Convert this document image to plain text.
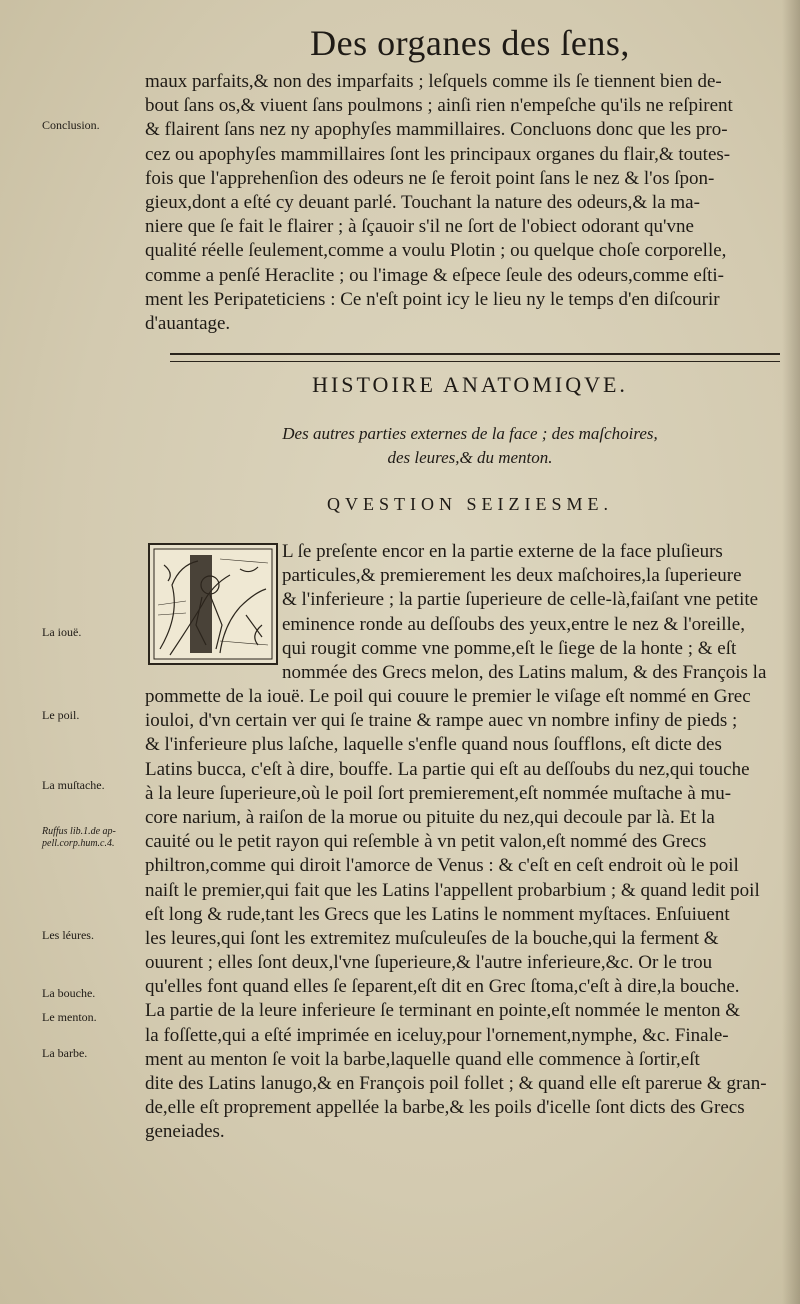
Des organes des ſens,
maux parfaits,& non des imparfaits ; leſquels comme ils ſe tiennent bien de-
bout ſans os,& viuent ſans poulmons ; ainſi rien n'empeſche qu'ils ne reſpirent
& flairent ſans nez ny apophyſes mammillaires. Concluons donc que les pro-
cez ou apophyſes mammillaires ſont les principaux organes du flair,& toutes-
fois que l'apprehenſion des odeurs ne ſe feroit point ſans le nez & l'os ſpon-
gieux,dont a eſté cy deuant parlé. Touchant la nature des odeurs,& la ma-
niere que ſe fait le flairer ; à ſçauoir s'il ne ſort de l'obiect odorant qu'vne
qualité réelle ſeulement,comme a voulu Plotin ; ou quelque choſe corporelle,
comme a penſé Heraclite ; ou l'image & eſpece ſeule des odeurs,comme eſti-
ment les Peripateticiens : Ce n'eſt point icy le lieu ny le temps d'en diſcourir
d'auantage.
Conclusion.
HISTOIRE ANATOMIQVE.
Des autres parties externes de la face ; des maſchoires,
des leures,& du menton.
QVESTION SEIZIESME.
L ſe preſente encor en la partie externe de la face pluſieurs
particules,& premierement les deux maſchoires,la ſuperieure
& l'inferieure ; la partie ſuperieure de celle-là,faiſant vne petite
eminence ronde au deſſoubs des yeux,entre le nez & l'oreille,
qui rougit comme vne pomme,eſt le ſiege de la honte ; & eſt
nommée des Grecs melon, des Latins malum, & des François la
pommette de la iouë. Le poil qui couure le premier le viſage eſt nommé en Grec
iouloi, d'vn certain ver qui ſe traine & rampe auec vn nombre infiny de pieds ;
& l'inferieure plus laſche, laquelle s'enfle quand nous ſoufflons, eſt dicte des
Latins bucca, c'eſt à dire, bouffe. La partie qui eſt au deſſoubs du nez,qui touche
à la leure ſuperieure,où le poil ſort premierement,eſt nommée muſtache à mu-
core narium, à raiſon de la morue ou pituite du nez,qui decoule par là. Et la
cauité ou le petit rayon qui reſemble à vn petit valon,eſt nommé des Grecs
philtron,comme qui diroit l'amorce de Venus : & c'eſt en ceſt endroit où le poil
naiſt le premier,qui fait que les Latins l'appellent probarbium ; & quand ledit poil
eſt long & rude,tant les Grecs que les Latins le nomment myſtaces. Enſuiuent
les leures,qui ſont les extremitez muſculeuſes de la bouche,qui la ferment &
ouurent ; elles ſont deux,l'vne ſuperieure,& l'autre inferieure,&c. Or le trou
qu'elles font quand elles ſe ſeparent,eſt dit en Grec ſtoma,c'eſt à dire,la bouche.
La partie de la leure inferieure ſe terminant en pointe,eſt nommée le menton &
la foſſette,qui a eſté imprimée en iceluy,pour l'ornement,nymphe, &c. Finale-
ment au menton ſe voit la barbe,laquelle quand elle commence à ſortir,eſt
dite des Latins lanugo,& en François poil follet ; & quand elle eſt parerue & gran-
de,elle eſt proprement appellée la barbe,& les poils d'icelle ſont dicts des Grecs
geneiades.
La iouë.
Le poil.
La muſtache.
Ruffus lib.1.de ap-pell.corp.hum.c.4.
Les léures.
La bouche.
Le menton.
La barbe.
